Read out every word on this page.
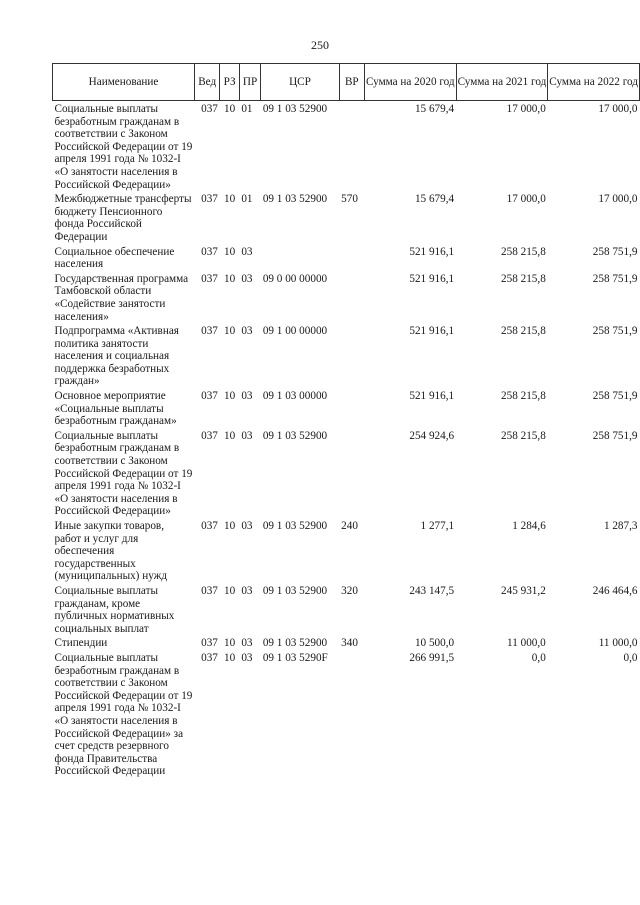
250
Наименование	Вед	РЗ	ПР	ЦСР	ВР	Сумма на 2020 год	Сумма на 2021 год	Сумма на 2022 год
Социальные выплаты безработным гражданам в соответствии с Законом Российской Федерации от 19 апреля 1991 года № 1032-I «О занятости населения в Российской Федерации»	037	10	01	09 1 03 52900		15 679,4	17 000,0	17 000,0
Межбюджетные трансферты бюджету Пенсионного фонда Российской Федерации	037	10	01	09 1 03 52900	570	15 679,4	17 000,0	17 000,0
Социальное обеспечение населения	037	10	03			521 916,1	258 215,8	258 751,9
Государственная программа Тамбовской области «Содействие занятости населения»	037	10	03	09 0 00 00000		521 916,1	258 215,8	258 751,9
Подпрограмма «Активная политика занятости населения и социальная поддержка безработных граждан»	037	10	03	09 1 00 00000		521 916,1	258 215,8	258 751,9
Основное мероприятие «Социальные выплаты безработным гражданам»	037	10	03	09 1 03 00000		521 916,1	258 215,8	258 751,9
Социальные выплаты безработным гражданам в соответствии с Законом Российской Федерации от 19 апреля 1991 года № 1032-I «О занятости населения в Российской Федерации»	037	10	03	09 1 03 52900		254 924,6	258 215,8	258 751,9
Иные закупки товаров, работ и услуг для обеспечения государственных (муниципальных) нужд	037	10	03	09 1 03 52900	240	1 277,1	1 284,6	1 287,3
Социальные выплаты гражданам, кроме публичных нормативных социальных выплат	037	10	03	09 1 03 52900	320	243 147,5	245 931,2	246 464,6
Стипендии	037	10	03	09 1 03 52900	340	10 500,0	11 000,0	11 000,0
Социальные выплаты безработным гражданам в соответствии с Законом Российской Федерации от 19 апреля 1991 года № 1032-I «О занятости населения в Российской Федерации» за счет средств резервного фонда Правительства Российской Федерации	037	10	03	09 1 03 5290F		266 991,5	0,0	0,0
